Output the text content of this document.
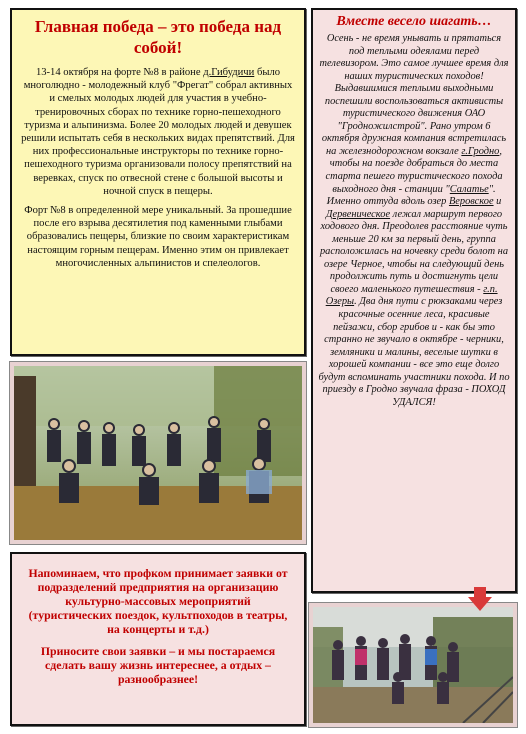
Главная победа – это победа над собой!

13-14 октября на форте №8 в районе д.Гибудичи было многолюдно - молодежный клуб "Фрегат" собрал активных и смелых молодых людей для участия в учебно-тренировочных сборах по технике горно-пешеходного туризма и альпинизма. Более 20 молодых людей и девушек решили испытать себя в нескольких видах препятствий. Для них профессиональные инструкторы по технике горно-пешеходного туризма организовали полосу препятствий на веревках, спуск по отвесной стене с большой высоты и ночной спуск в пещеры.

Форт №8 в определенной мере уникальный. За прошедшие после его взрыва десятилетия под каменными глыбами образовались пещеры, близкие по своим характеристикам настоящим горным пещерам. Именно этим он привлекает многочисленных альпинистов и спелеологов.

Вместе весело шагать…

Осень - не время унывать и прятаться под теплыми одеялами перед телевизором. Это самое лучшее время для наших туристических походов! Выдавшимися теплыми выходными поспешили воспользоваться активисты туристического движения ОАО "Гродножилстрой". Рано утром 6 октября дружная компания встретилась на железнодорожном вокзале г.Гродно, чтобы на поезде добраться до места старта пешего туристического похода выходного дня - станции "Салатье". Именно оттуда вдоль озер Веровское и Дервеническое лежал маршрут первого ходового дня. Преодолев расстояние чуть меньше 20 км за первый день, группа расположилась на ночевку среди болот на озере Черное, чтобы на следующий день продолжить путь и достигнуть цели своего маленького путешествия - г.п. Озеры. Два дня пути с рюкзаками через красочные осенние леса, красивые пейзажи, сбор грибов и - как бы это странно не звучало в октябре - черники, земляники и малины, веселые шутки в хорошей компании - все это еще долго будут вспоминать участники похода. И по приезду в Гродно звучала фраза - ПОХОД УДАЛСЯ!

Напоминаем, что профком принимает заявки от подразделений предприятия на организацию культурно-массовых мероприятий (туристических поездок, культпоходов в театры, на концерты и т.д.)

Приносите свои заявки – и мы постараемся сделать вашу жизнь интереснее, а отдых – разнообразнее!
